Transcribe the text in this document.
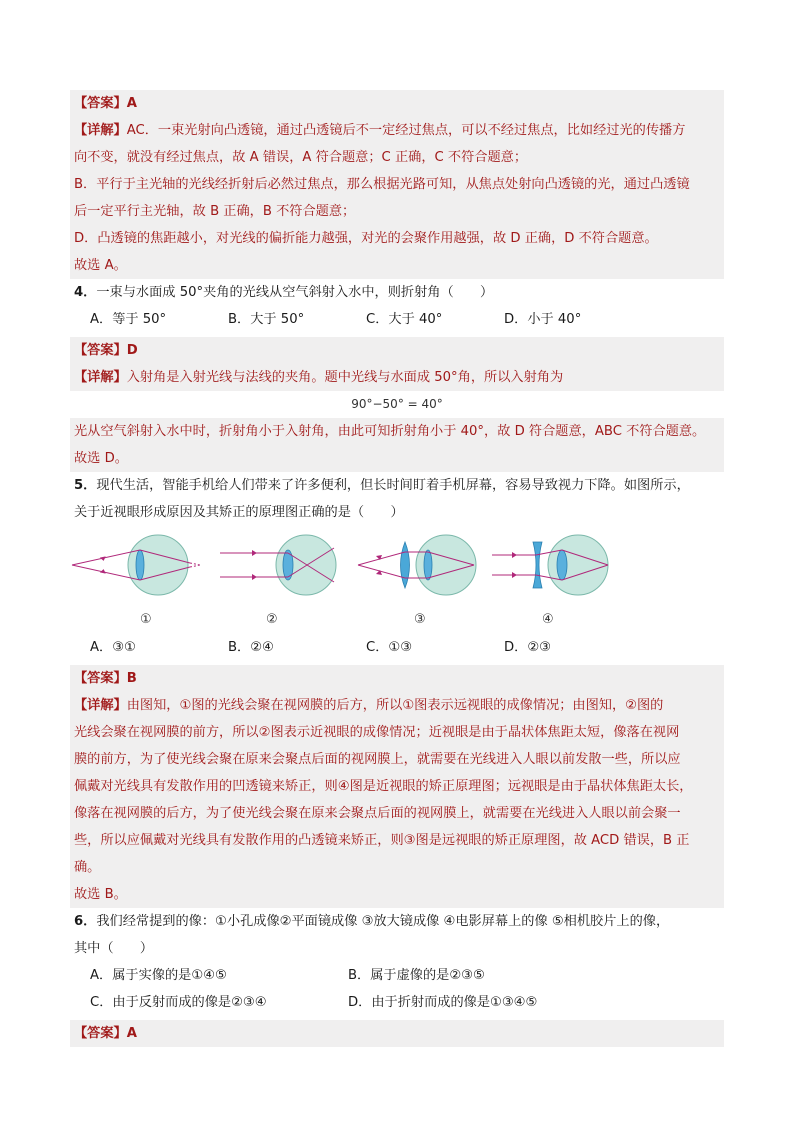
【答案】A
【详解】AC．一束光射向凸透镜，通过凸透镜后不一定经过焦点，可以不经过焦点，比如经过光的传播方
向不变，就没有经过焦点，故 A 错误，A 符合题意；C 正确，C 不符合题意；
B．平行于主光轴的光线经折射后必然过焦点，那么根据光路可知，从焦点处射向凸透镜的光，通过凸透镜
后一定平行主光轴，故 B 正确，B 不符合题意；
D．凸透镜的焦距越小，对光线的偏折能力越强，对光的会聚作用越强，故 D 正确，D 不符合题意。
故选 A。
4．一束与水面成 50°夹角的光线从空气斜射入水中，则折射角（　　）
A．等于 50°	B．大于 50°	C．大于 40°	D．小于 40°
【答案】D
【详解】入射角是入射光线与法线的夹角。题中光线与水面成 50°角，所以入射角为
90°−50° = 40°
光从空气斜射入水中时，折射角小于入射角，由此可知折射角小于 40°，故 D 符合题意，ABC 不符合题意。
故选 D。
5．现代生活，智能手机给人们带来了许多便利，但长时间盯着手机屏幕，容易导致视力下降。如图所示，
关于近视眼形成原因及其矫正的原理图正确的是（　　）
①	②	③	④
A．③①	B．②④	C．①③	D．②③
【答案】B
【详解】由图知，①图的光线会聚在视网膜的后方，所以①图表示远视眼的成像情况；由图知，②图的
光线会聚在视网膜的前方，所以②图表示近视眼的成像情况；近视眼是由于晶状体焦距太短，像落在视网
膜的前方，为了使光线会聚在原来会聚点后面的视网膜上，就需要在光线进入人眼以前发散一些，所以应
佩戴对光线具有发散作用的凹透镜来矫正，则④图是近视眼的矫正原理图；远视眼是由于晶状体焦距太长，
像落在视网膜的后方，为了使光线会聚在原来会聚点后面的视网膜上，就需要在光线进入人眼以前会聚一
些，所以应佩戴对光线具有发散作用的凸透镜来矫正，则③图是远视眼的矫正原理图，故 ACD 错误，B 正
确。
故选 B。
6．我们经常提到的像：①小孔成像②平面镜成像 ③放大镜成像 ④电影屏幕上的像 ⑤相机胶片上的像，
其中（　　）
A．属于实像的是①④⑤	B．属于虚像的是②③⑤
C．由于反射而成的像是②③④	D．由于折射而成的像是①③④⑤
【答案】A
